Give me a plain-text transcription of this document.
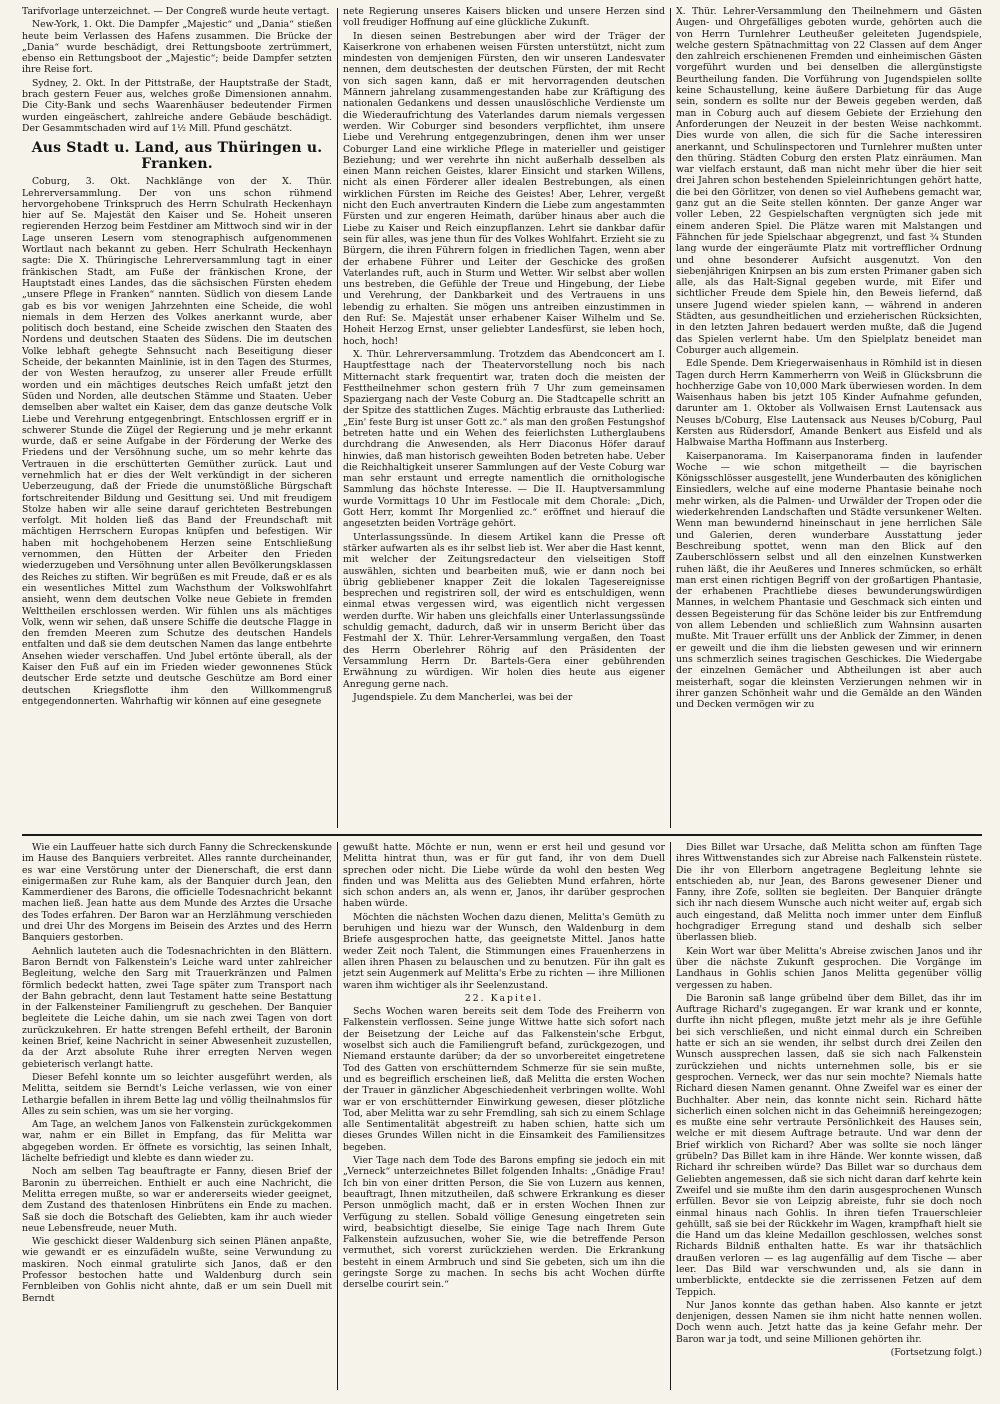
Tarifvorlage unterzeichnet. — Der Congreß wurde heute vertagt.

New-York, 1. Okt. Die Dampfer „Majestic“ und „Dania“ stießen heute beim Verlassen des Hafens zusammen. Die Brücke der „Dania“ wurde beschädigt, drei Rettungsboote zertrümmert, ebenso ein Rettungsboot der „Majestic“; beide Dampfer setzten ihre Reise fort.

Sydney, 2. Okt. In der Pittstraße, der Hauptstraße der Stadt, brach gestern Feuer aus, welches große Dimensionen annahm. Die City-Bank und sechs Waarenhäuser bedeutender Firmen wurden eingeäschert, zahlreiche andere Gebäude beschädigt. Der Gesammtschaden wird auf 1½ Mill. Pfund geschätzt.

Aus Stadt u. Land, aus Thüringen u. Franken.

Coburg, 3. Okt. Nachklänge von der X. Thür. Lehrerversammlung. Der von uns schon rühmend hervorgehobene Trinkspruch des Herrn Schulrath Heckenhayn hier auf Se. Majestät den Kaiser und Se. Hoheit unseren regierenden Herzog beim Festdiner am Mittwoch sind wir in der Lage unseren Lesern vom stenographisch aufgenommenen Wortlaut nach bekannt zu geben. Herr Schulrath Heckenhayn sagte: Die X. Thüringische Lehrerversammlung tagt in einer fränkischen Stadt, am Fuße der fränkischen Krone, der Hauptstadt eines Landes, das die sächsischen Fürsten ehedem „unsere Pflege in Franken“ nannten. Südlich von diesem Lande gab es bis vor wenigen Jahrzehnten eine Scheide, die wohl niemals in dem Herzen des Volkes anerkannt wurde, aber politisch doch bestand, eine Scheide zwischen den Staaten des Nordens und deutschen Staaten des Südens. Die im deutschen Volke lebhaft gehegte Sehnsucht nach Beseitigung dieser Scheide, der bekannten Mainlinie, ist in den Tagen des Sturmes, der von Westen heraufzog, zu unserer aller Freude erfüllt worden und ein mächtiges deutsches Reich umfaßt jetzt den Süden und Norden, alle deutschen Stämme und Staaten. Ueber demselben aber waltet ein Kaiser, dem das ganze deutsche Volk Liebe und Verehrung entgegenbringt. Entschlossen ergriff er in schwerer Stunde die Zügel der Regierung und je mehr erkannt wurde, daß er seine Aufgabe in der Förderung der Werke des Friedens und der Versöhnung suche, um so mehr kehrte das Vertrauen in die erschütterten Gemüther zurück. Laut und vernehmlich hat er dies der Welt verkündigt in der sicheren Ueberzeugung, daß der Friede die unumstößliche Bürgschaft fortschreitender Bildung und Gesittung sei. Und mit freudigem Stolze haben wir alle seine darauf gerichteten Bestrebungen verfolgt. Mit holden ließ das Band der Freundschaft mit mächtigen Herrschern Europas knüpfen und befestigen. Wir haben mit hochgehobenem Herzen seine Entschließung vernommen, den Hütten der Arbeiter den Frieden wiederzugeben und Versöhnung unter allen Bevölkerungsklassen des Reiches zu stiften. Wir begrüßen es mit Freude, daß er es als ein wesentliches Mittel zum Wachsthum der Volkswohlfahrt ansieht, wenn dem deutschen Volke neue Gebiete in fremden Welttheilen erschlossen werden. Wir fühlen uns als mächtiges Volk, wenn wir sehen, daß unsere Schiffe die deutsche Flagge in den fremden Meeren zum Schutze des deutschen Handels entfalten und daß sie dem deutschen Namen das lange entbehrte Ansehen wieder verschaffen. Und Jubel ertönte überall, als der Kaiser den Fuß auf ein im Frieden wieder gewonnenes Stück deutscher Erde setzte und deutsche Geschütze am Bord einer deutschen Kriegsflotte ihm den Willkommengruß entgegendonnerten. Wahrhaftig wir können auf eine gesegnete

nete Regierung unseres Kaisers blicken und unsere Herzen sind voll freudiger Hoffnung auf eine glückliche Zukunft.

In diesen seinen Bestrebungen aber wird der Träger der Kaiserkrone von erhabenen weisen Fürsten unterstützt, nicht zum mindesten von demjenigen Fürsten, den wir unseren Landesvater nennen, dem deutschesten der deutschen Fürsten, der mit Recht von sich sagen kann, daß er mit hervorragenden deutschen Männern jahrelang zusammengestanden habe zur Kräftigung des nationalen Gedankens und dessen unauslöschliche Verdienste um die Wiederaufrichtung des Vaterlandes darum niemals vergessen werden. Wir Coburger sind besonders verpflichtet, ihm unsere Liebe und Verehrung entgegenzubringen, denen ihm wer unser Coburger Land eine wirkliche Pflege in materieller und geistiger Beziehung; und wer verehrte ihn nicht außerhalb desselben als einen Mann reichen Geistes, klarer Einsicht und starken Willens, nicht als einen Förderer aller idealen Bestrebungen, als einen wirklichen Fürsten im Reiche des Geistes! Aber, Lehrer, vergeßt nicht den Euch anvertrauten Kindern die Liebe zum angestammten Fürsten und zur engeren Heimath, darüber hinaus aber auch die Liebe zu Kaiser und Reich einzupflanzen. Lehrt sie dankbar dafür sein für alles, was jene thun für des Volkes Wohlfahrt. Erzieht sie zu Bürgern, die ihren Führern folgen in friedlichen Tagen, wenn aber der erhabene Führer und Leiter der Geschicke des großen Vaterlandes ruft, auch in Sturm und Wetter. Wir selbst aber wollen uns bestreben, die Gefühle der Treue und Hingebung, der Liebe und Verehrung, der Dankbarkeit und des Vertrauens in uns lebendig zu erhalten. Sie mögen uns antreiben einzustimmen in den Ruf: Se. Majestät unser erhabener Kaiser Wilhelm und Se. Hoheit Herzog Ernst, unser geliebter Landesfürst, sie leben hoch, hoch, hoch!

X. Thür. Lehrerversammlung. Trotzdem das Abendconcert am I. Hauptfesttage nach der Theatervorstellung noch bis nach Mitternacht stark frequentirt war, traten doch die meisten der Festtheilnehmer schon gestern früh 7 Uhr zum gemeinsamen Spaziergang nach der Veste Coburg an. Die Stadtcapelle schritt an der Spitze des stattlichen Zuges. Mächtig erbrauste das Lutherlied: „Ein' feste Burg ist unser Gott zc.“ als man den großen Festungshof betreten hatte und ein Wehen des feierlichsten Lutherglaubens durchdrang die Anwesenden, als Herr Diaconus Höfer darauf hinwies, daß man historisch geweihten Boden betreten habe. Ueber die Reichhaltigkeit unserer Sammlungen auf der Veste Coburg war man sehr erstaunt und erregte namentlich die ornithologische Sammlung das höchste Interesse. — Die II. Hauptversammlung wurde Vormittags 10 Uhr im Festlocale mit dem Chorale: „Dich, Gott Herr, kommt Ihr Morgenlied zc.“ eröffnet und hierauf die angesetzten beiden Vorträge gehört.

Unterlassungssünde. In diesem Artikel kann die Presse oft stärker aufwarten als es ihr selbst lieb ist. Wer aber die Hast kennt, mit welcher der Zeitungsredacteur den vielseitigen Stoff auswählen, sichten und bearbeiten muß, wie er dann noch bei übrig gebliebener knapper Zeit die lokalen Tagesereignisse besprechen und registriren soll, der wird es entschuldigen, wenn einmal etwas vergessen wird, was eigentlich nicht vergessen werden durfte. Wir haben uns gleichfalls einer Unterlassungssünde schuldig gemacht, dadurch, daß wir in unserm Bericht über das Festmahl der X. Thür. Lehrer-Versammlung vergaßen, den Toast des Herrn Oberlehrer Röhrig auf den Präsidenten der Versammlung Herrn Dr. Bartels-Gera einer gebührenden Erwähnung zu würdigen. Wir holen dies heute aus eigener Anregung gerne nach.

Jugendspiele. Zu dem Mancherlei, was bei der

X. Thür. Lehrer-Versammlung den Theilnehmern und Gästen Augen- und Ohrgefälliges geboten wurde, gehörten auch die von Herrn Turnlehrer Leutheußer geleiteten Jugendspiele, welche gestern Spätnachmittag von 22 Classen auf dem Anger den zahlreich erschienenen Fremden und einheimischen Gästen vorgeführt wurden und bei denselben die allergünstigste Beurtheilung fanden. Die Vorführung von Jugendspielen sollte keine Schaustellung, keine äußere Darbietung für das Auge sein, sondern es sollte nur der Beweis gegeben werden, daß man in Coburg auch auf diesem Gebiete der Erziehung den Anforderungen der Neuzeit in der besten Weise nachkommt. Dies wurde von allen, die sich für die Sache interessiren anerkannt, und Schulinspectoren und Turnlehrer mußten unter den thüring. Städten Coburg den ersten Platz einräumen. Man war vielfach erstaunt, daß man nicht mehr über die hier seit drei Jahren schon bestehenden Spieleinrichtungen gehört hatte, die bei den Görlitzer, von denen so viel Aufhebens gemacht war, ganz gut an die Seite stellen könnten. Der ganze Anger war voller Leben, 22 Gespielschaften vergnügten sich jede mit einem anderen Spiel. Die Plätze waren mit Malstangen und Fähnchen für jede Spielschaar abgegrenzt, und fast ¾ Stunden lang wurde der eingeräumte Platz mit vortrefflicher Ordnung und ohne besonderer Aufsicht ausgenutzt. Von den siebenjährigen Knirpsen an bis zum ersten Primaner gaben sich alle, als das Halt-Signal gegeben wurde, mit Eifer und sichtlicher Freude dem Spiele hin, den Beweis liefernd, daß unsere Jugend wieder spielen kann, — während in anderen Städten, aus gesundheitlichen und erzieherischen Rücksichten, in den letzten Jahren bedauert werden mußte, daß die Jugend das Spielen verlernt habe. Um den Spielplatz beneidet man Coburger auch allgemein.

Edle Spende. Dem Kriegerwaisenhaus in Römhild ist in diesen Tagen durch Herrn Kammerherrn von Weiß in Glücksbrunn die hochherzige Gabe von 10,000 Mark überwiesen worden. In dem Waisenhaus haben bis jetzt 105 Kinder Aufnahme gefunden, darunter am 1. Oktober als Vollwaisen Ernst Lautensack aus Neuses b/Coburg, Else Lautensack aus Neuses b/Coburg, Paul Kersten aus Rüdersdorf, Amande Benkert aus Eisfeld und als Halbwaise Martha Hoffmann aus Insterberg.

Kaiserpanorama. Im Kaiserpanorama finden in laufender Woche — wie schon mitgetheilt — die bayrischen Königsschlösser ausgestellt, jene Wunderbauten des königlichen Einsiedlers, welche auf eine moderne Phantasie beinahe noch mehr wirken, als die Palmen- und Urwälder der Tropen oder die wiederkehrenden Landschaften und Städte versunkener Welten. Wenn man bewundernd hineinschaut in jene herrlichen Säle und Galerien, deren wunderbare Ausstattung jeder Beschreibung spottet, wenn man den Blick auf den Zauberschlössern selbst und all den einzelnen Kunstwerken ruhen läßt, die ihr Aeußeres und Inneres schmücken, so erhält man erst einen richtigen Begriff von der großartigen Phantasie, der erhabenen Prachtliebe dieses bewunderungswürdigen Mannes, in welchem Phantasie und Geschmack sich einten und dessen Begeisterung für das Schöne leider bis zur Entfremdung von allem Lebenden und schließlich zum Wahnsinn ausarten mußte. Mit Trauer erfüllt uns der Anblick der Zimmer, in denen er geweilt und die ihm die liebsten gewesen und wir erinnern uns schmerzlich seines tragischen Geschickes. Die Wiedergabe der einzelnen Gemächer und Abtheilungen ist aber auch meisterhaft, sogar die kleinsten Verzierungen nehmen wir in ihrer ganzen Schönheit wahr und die Gemälde an den Wänden und Decken vermögen wir zu

Wie ein Lauffeuer hatte sich durch Fanny die Schreckenskunde im Hause des Banquiers verbreitet. Alles rannte durcheinander, es war eine Verstörung unter der Dienerschaft, die erst dann einigermaßen zur Ruhe kam, als der Banquier durch Jean, den Kammerdiener des Barons, die officielle Todesnachricht bekannt machen ließ. Jean hatte aus dem Munde des Arztes die Ursache des Todes erfahren. Der Baron war an Herzlähmung verschieden und drei Uhr des Morgens im Beisein des Arztes und des Herrn Banquiers gestorben.

Aehnlich lauteten auch die Todesnachrichten in den Blättern. Baron Berndt von Falkenstein's Leiche ward unter zahlreicher Begleitung, welche den Sarg mit Trauerkränzen und Palmen förmlich bedeckt hatten, zwei Tage später zum Transport nach der Bahn gebracht, denn laut Testament hatte seine Bestattung in der Falkensteiner Familiengruft zu geschehen. Der Banquier begleitete die Leiche dahin, um sie nach zwei Tagen von dort zurückzukehren. Er hatte strengen Befehl ertheilt, der Baronin keinen Brief, keine Nachricht in seiner Abwesenheit zuzustellen, da der Arzt absolute Ruhe ihrer erregten Nerven wegen gebieterisch verlangt hatte.

Dieser Befehl konnte um so leichter ausgeführt werden, als Melitta, seitdem sie Berndt's Leiche verlassen, wie von einer Lethargie befallen in ihrem Bette lag und völlig theilnahmslos für Alles zu sein schien, was um sie her vorging.

Am Tage, an welchem Janos von Falkenstein zurückgekommen war, nahm er ein Billet in Empfang, das für Melitta war abgegeben worden. Er öffnete es vorsichtig, las seinen Inhalt, lächelte befriedigt und klebte es dann wieder zu.

Noch am selben Tag beauftragte er Fanny, diesen Brief der Baronin zu überreichen. Enthielt er auch eine Nachricht, die Melitta erregen mußte, so war er andererseits wieder geeignet, dem Zustand des thatenlosen Hinbrütens ein Ende zu machen. Saß sie doch die Botschaft des Geliebten, kam ihr auch wieder neue Lebensfreude, neuer Muth.

Wie geschickt dieser Waldenburg sich seinen Plänen anpaßte, wie gewandt er es einzufädeln wußte, seine Verwundung zu maskiren. Noch einmal gratulirte sich Janos, daß er den Professor bestochen hatte und Waldenburg durch sein Fernbleiben von Gohlis nicht ahnte, daß er um sein Duell mit Berndt

gewußt hatte. Möchte er nun, wenn er erst heil und gesund vor Melitta hintrat thun, was er für gut fand, ihr von dem Duell sprechen oder nicht. Die Liebe würde da wohl den besten Weg finden und was Melitta aus des Geliebten Mund erfahren, hörte sich schon anders an, als wenn er, Janos, ihr darüber gesprochen haben würde.

Möchten die nächsten Wochen dazu dienen, Melitta's Gemüth zu beruhigen und hiezu war der Wunsch, den Waldenburg in dem Briefe ausgesprochen hatte, das geeignetste Mittel. Janos hatte weder Zeit noch Talent, die Stimmungen eines Frauenherzens in allen ihren Phasen zu belauschen und zu benutzen. Für ihn galt es jetzt sein Augenmerk auf Melitta's Erbe zu richten — ihre Millionen waren ihm wichtiger als ihr Seelenzustand.

22. Kapitel.

Sechs Wochen waren bereits seit dem Tode des Freiherrn von Falkenstein verflossen. Seine junge Wittwe hatte sich sofort nach der Beisetzung der Leiche auf das Falkenstein'sche Erbgut, woselbst sich auch die Familiengruft befand, zurückgezogen, und Niemand erstaunte darüber; da der so unvorbereitet eingetretene Tod des Gatten von erschütterndem Schmerze für sie sein mußte, und es begreiflich erscheinen ließ, daß Melitta die ersten Wochen der Trauer in gänzlicher Abgeschiedenheit verbringen wollte. Wohl war er von erschütternder Einwirkung gewesen, dieser plötzliche Tod, aber Melitta war zu sehr Fremdling, sah sich zu einem Schlage alle Sentimentalität abgestreift zu haben schien, hatte sich um dieses Grundes Willen nicht in die Einsamkeit des Familiensitzes begeben.

Vier Tage nach dem Tode des Barons empfing sie jedoch ein mit „Verneck“ unterzeichnetes Billet folgenden Inhalts: „Gnädige Frau! Ich bin von einer dritten Person, die Sie von Luzern aus kennen, beauftragt, Ihnen mitzutheilen, daß schwere Erkrankung es dieser Person unmöglich macht, daß er in ersten Wochen Ihnen zur Verfügung zu stellen. Sobald völlige Genesung eingetreten sein wird, beabsichtigt dieselbe, Sie einige Tage nach Ihrem Gute Falkenstein aufzusuchen, woher Sie, wie die betreffende Person vermuthet, sich vorerst zurückziehen werden. Die Erkrankung besteht in einem Armbruch und sind Sie gebeten, sich um ihn die geringste Sorge zu machen. In sechs bis acht Wochen dürfte derselbe courirt sein.“

Dies Billet war Ursache, daß Melitta schon am fünften Tage ihres Wittwenstandes sich zur Abreise nach Falkenstein rüstete. Die ihr von Ellerborn angetragene Begleitung lehnte sie entschieden ab, nur Jean, des Barons gewesener Diener und Fanny, ihre Zofe, sollten sie begleiten. Der Banquier drängte sich ihr nach diesem Wunsche auch nicht weiter auf, ergab sich auch eingestand, daß Melitta noch immer unter dem Einfluß hochgradiger Erregung stand und deshalb sich selber überlassen blieb.

Kein Wort war über Melitta's Abreise zwischen Janos und ihr über die nächste Zukunft gesprochen. Die Vorgänge im Landhaus in Gohlis schien Janos Melitta gegenüber völlig vergessen zu haben.

Die Baronin saß lange grübelnd über dem Billet, das ihr im Auftrage Richard's zugegangen. Er war krank und er konnte, durfte ihn nicht pflegen, mußte jetzt mehr als je ihre Gefühle bei sich verschließen, und nicht einmal durch ein Schreiben hatte er sich an sie wenden, ihr selbst durch drei Zeilen den Wunsch aussprechen lassen, daß sie sich nach Falkenstein zurückziehen und nichts unternehmen solle, bis er sie gesprochen. Verneck, wer das nur sein mochte? Niemals hatte Richard diesen Namen genannt. Ohne Zweifel war es einer der Buchhalter. Aber nein, das konnte nicht sein. Richard hätte sicherlich einen solchen nicht in das Geheimniß hereingezogen; es mußte eine sehr vertraute Persönlichkeit des Hauses sein, welche er mit diesem Auftrage betraute. Und war denn der Brief wirklich von Richard? Aber was sollte sie noch länger grübeln? Das Billet kam in ihre Hände. Wer konnte wissen, daß Richard ihr schreiben würde? Das Billet war so durchaus dem Geliebten angemessen, daß sie sich nicht daran darf kehrte kein Zweifel und sie mußte ihm den darin ausgesprochenen Wunsch erfüllen. Bevor sie von Leipzig abreiste, fuhr sie doch noch einmal hinaus nach Gohlis. In ihren tiefen Trauerschleier gehüllt, saß sie bei der Rückkehr im Wagen, krampfhaft hielt sie die Hand um das kleine Medaillon geschlossen, welches sonst Richards Bildniß enthalten hatte. Es war ihr thatsächlich draußen verloren — es lag augenfällig auf dem Tische — aber leer. Das Bild war verschwunden und, als sie dann in umberblickte, entdeckte sie die zerrissenen Fetzen auf dem Teppich.

Nur Janos konnte das gethan haben. Also kannte er jetzt denjenigen, dessen Namen sie ihm nicht hatte nennen wollen. Doch wenn auch. Jetzt hatte das ja keine Gefahr mehr. Der Baron war ja todt, und seine Millionen gehörten ihr.

(Fortsetzung folgt.)
